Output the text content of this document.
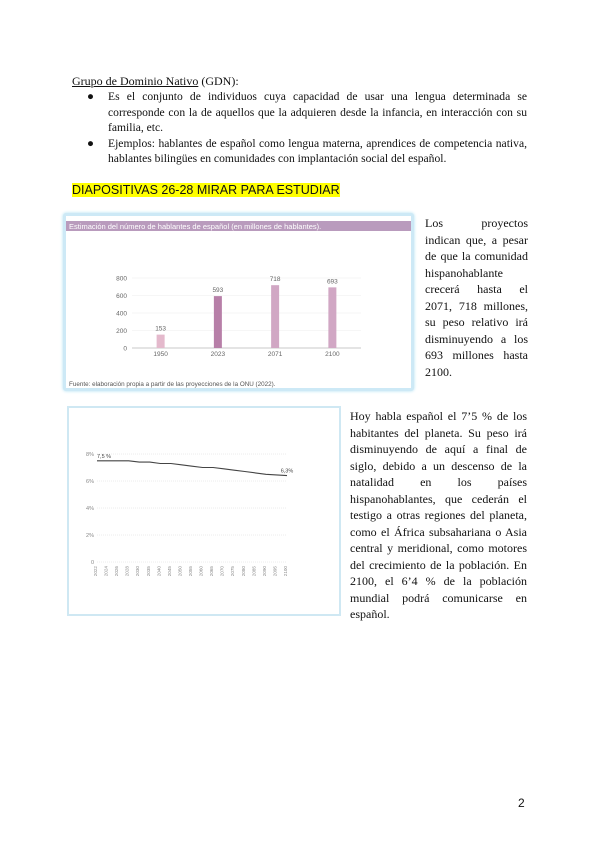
Grupo de Dominio Nativo (GDN):
● Es el conjunto de individuos cuya capacidad de usar una lengua determinada se corresponde con la de aquellos que la adquieren desde la infancia, en interacción con su familia, etc.
● Ejemplos: hablantes de español como lengua materna, aprendices de competencia nativa, hablantes bilingües en comunidades con implantación social del español.
DIAPOSITIVAS 26-28 MIRAR PARA ESTUDIAR
Estimación del número de hablantes de español (en millones de hablantes).
0
200
400
600
800
153
1950
593
2023
718
2071
693
2100
Fuente: elaboración propia a partir de las proyecciones de la ONU (2022).
Los proyectos indican que, a pesar de que la comunidad hispanohablante crecerá hasta el 2071, 718 millones, su peso relativo irá disminuyendo a los 693 millones hasta 2100.
8%
6%
4%
2%
0
2022 2024 2026 2028 2030 2035 2040 2045 2050 2055 2060 2065 2070 2075 2080 2085 2090 2095 2100
7,5 %
6,3%
Hoy habla español el 7’5 % de los habitantes del planeta. Su peso irá disminuyendo de aquí a final de siglo, debido a un descenso de la natalidad en los países hispanohablantes, que cederán el testigo a otras regiones del planeta, como el África subsahariana o Asia central y meridional, como motores del crecimiento de la población. En 2100, el 6’4 % de la población mundial podrá comunicarse en español.
2
